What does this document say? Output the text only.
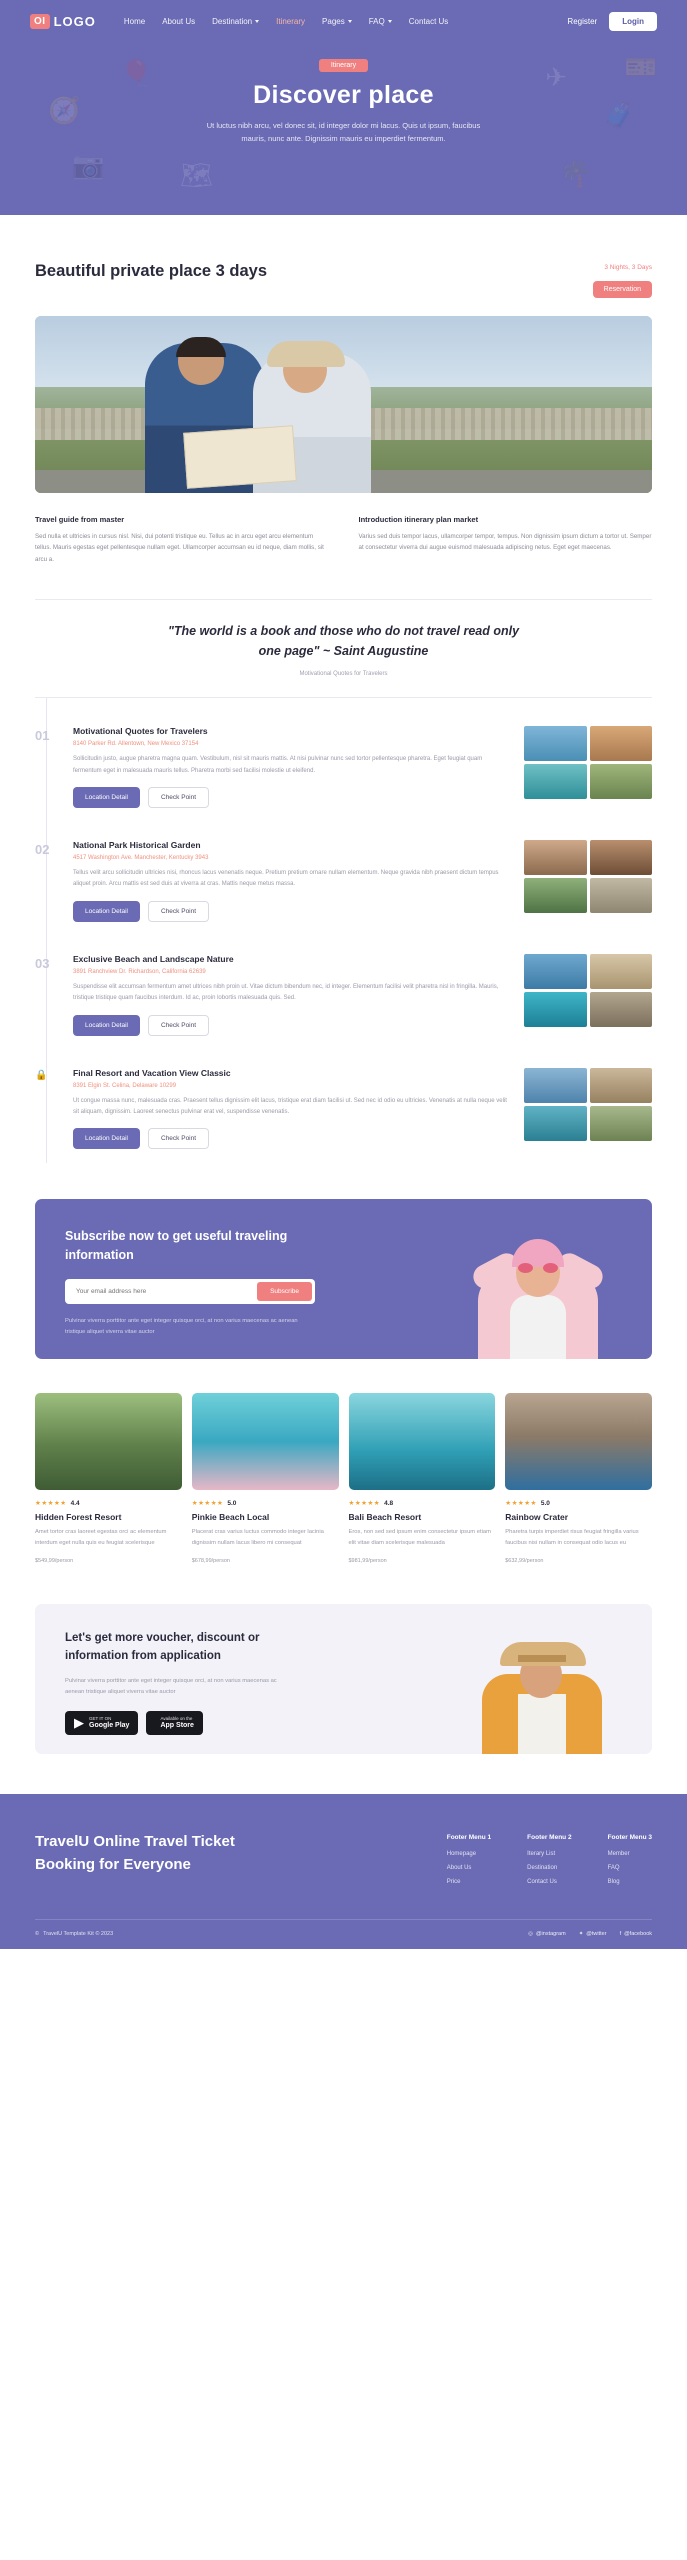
🎈
🧭
📷	🗺
✈
🧳
🌴
🎫
OI LOGO	Home About Us Destination	Itinerary Pages	FAQ	Contact Us	Register	Login
Itinerary
Discover place

Ut luctus nibh arcu, vel donec sit, id integer dolor mi lacus. Quis ut ipsum, faucibus mauris, nunc ante. Dignissim mauris eu imperdiet fermentum.

Beautiful private place 3 days	3 Nights, 3 Days
Reservation
Travel guide from master

Sed nulla et ultricies in cursus nisl. Nisi, dui potenti tristique eu. Tellus ac in arcu eget arcu elementum tellus. Mauris egestas eget pellentesque nullam eget. Ullamcorper accumsan eu id neque, diam mollis, sit arcu a.

Introduction itinerary plan market

Varius sed duis tempor lacus, ullamcorper tempor, tempus. Non dignissim ipsum dictum a tortor ut. Semper at consectetur viverra dui augue euismod malesuada adipiscing netus. Eget eget maecenas.

"The world is a book and those who do not travel read only one page" ~ Saint Augustine
Motivational Quotes for Travelers
01	Motivational Quotes for Travelers
8140 Parker Rd. Allentown, New Mexico 37154

Sollicitudin justo, augue pharetra magna quam. Vestibulum, nisl sit mauris mattis. At nisi pulvinar nunc sed tortor pellentesque pharetra. Eget feugiat quam fermentum eget in malesuada mauris tellus. Pharetra morbi sed facilisi molestie ut eleifend.

Location Detail	Check Point
02	National Park Historical Garden
4517 Washington Ave. Manchester, Kentucky 3943

Tellus velit arcu sollicitudin ultricies nisi, rhoncus lacus venenatis neque. Pretium pretium ornare nullam elementum. Neque gravida nibh praesent dictum tempus aliquet proin. Arcu mattis est sed duis at viverra at cras. Mattis neque metus massa.

Location Detail	Check Point
03	Exclusive Beach and Landscape Nature
3891 Ranchview Dr. Richardson, California 62639

Suspendisse elit accumsan fermentum amet ultrices nibh proin ut. Vitae dictum bibendum nec, id integer. Elementum facilisi velit pharetra nisl in fringilla. Mauris, tristique tristique quam faucibus interdum. Id ac, proin lobortis malesuada quis. Sed.

Location Detail	Check Point
🔒	Final Resort and Vacation View Classic
8391 Elgin St. Celina, Delaware 10299

Ut congue massa nunc, malesuada cras. Praesent tellus dignissim elit lacus, tristique erat diam facilisi ut. Sed nec id odio eu ultricies. Venenatis at nulla neque velit sit aliquam, dignissim. Laoreet senectus pulvinar erat vel, suspendisse venenatis.

Location Detail	Check Point
Subscribe now to get useful traveling information
Your email address here
Subscribe
Pulvinar viverra porttitor ante eget integer quisque orci, at non varius maecenas ac aenean tristique aliquet viverra vitae auctor
★★★★★ 4.4
Hidden Forest Resort

Amet tortor cras laoreet egestas orci ac elementum interdum eget nulla quis eu feugiat scelerisque

$549,99/person
★★★★★ 5.0
Pinkie Beach Local

Placerat cras varius luctus commodo integer lacinia dignissim nullam lacus libero mi consequat

$678,99/person
★★★★★ 4.8
Bali Beach Resort

Eros, non sed sed ipsum enim consectetur ipsum etiam elit vitae diam scelerisque malesuada

$981,99/person
★★★★★ 5.0
Rainbow Crater

Pharetra turpis imperdiet risus feugiat fringilla varius faucibus nisi nullam in consequat odio lacus eu

$632,99/person
Let's get more voucher, discount or information from application
Pulvinar viverra porttitor ante eget integer quisque orci, at non varius maecenas ac aenean tristique aliquet viverra vitae auctor
▶ GET IT ON
Google Play
Available on the
App Store
TravelU Online Travel Ticket Booking for Everyone
Footer Menu 1
Homepage
About Us
Price
Footer Menu 2
Iterary List
Destination
Contact Us
Footer Menu 3
Member
FAQ
Blog
© TravelU Template Kit © 2023	◎ @instagram ✦ @twitter f @facebook
